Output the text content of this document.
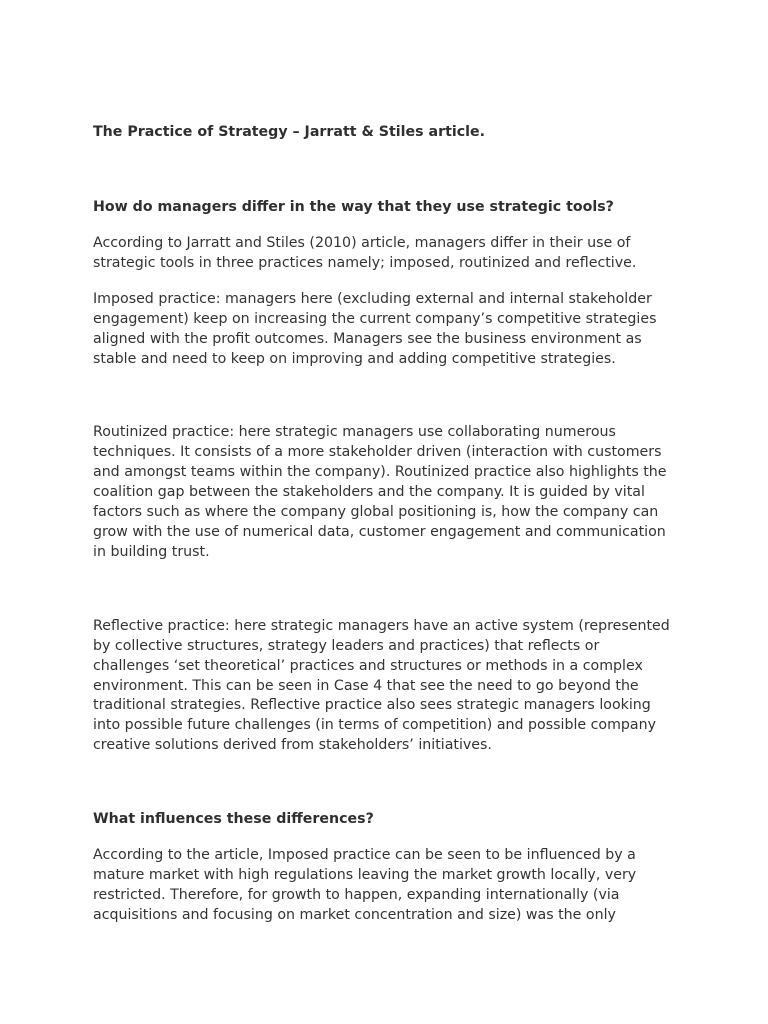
The Practice of Strategy – Jarratt & Stiles article.
How do managers differ in the way that they use strategic tools?

According to Jarratt and Stiles (2010) article, managers differ in their use of strategic tools in three practices namely; imposed, routinized and reflective.

Imposed practice: managers here (excluding external and internal stakeholder engagement) keep on increasing the current company’s competitive strategies aligned with the profit outcomes. Managers see the business environment as stable and need to keep on improving and adding competitive strategies.

Routinized practice: here strategic managers use collaborating numerous techniques. It consists of a more stakeholder driven (interaction with customers and amongst teams within the company). Routinized practice also highlights the coalition gap between the stakeholders and the company. It is guided by vital factors such as where the company global positioning is, how the company can grow with the use of numerical data, customer engagement and communication in building trust.

Reflective practice: here strategic managers have an active system (represented by collective structures, strategy leaders and practices) that reflects or challenges ‘set theoretical’ practices and structures or methods in a complex environment. This can be seen in Case 4 that see the need to go beyond the traditional strategies. Reflective practice also sees strategic managers looking into possible future challenges (in terms of competition) and possible company creative solutions derived from stakeholders’ initiatives.

What influences these differences?

According to the article, Imposed practice can be seen to be influenced by a mature market with high regulations leaving the market growth locally, very restricted. Therefore, for growth to happen, expanding internationally (via acquisitions and focusing on market concentration and size) was the only
